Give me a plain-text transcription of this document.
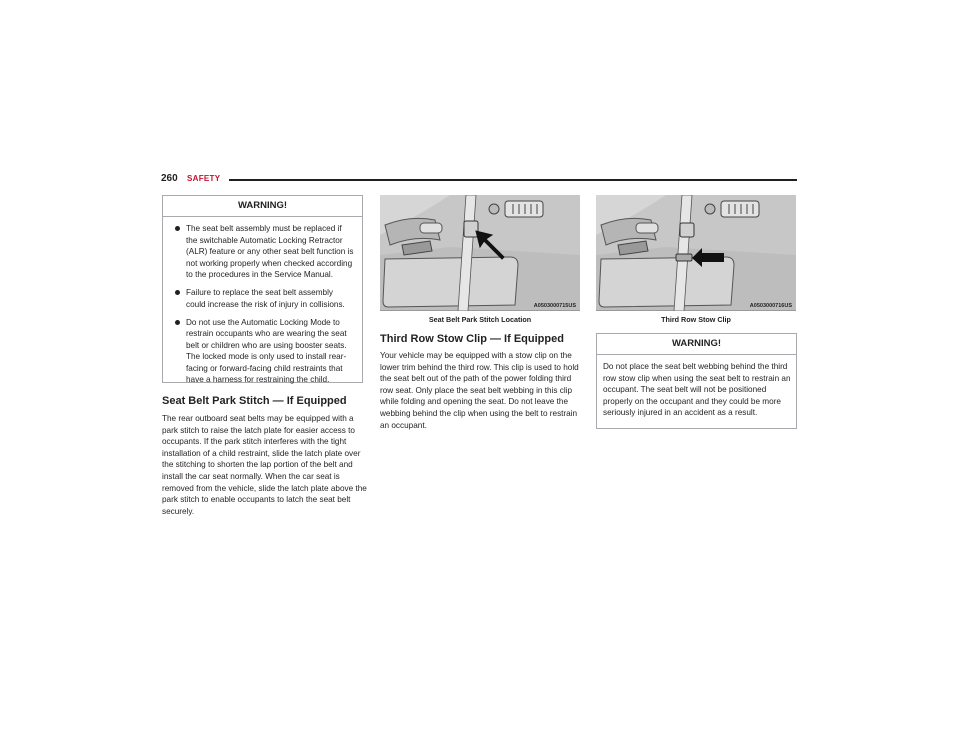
260 SAFETY
WARNING!
The seat belt assembly must be replaced if the switchable Automatic Locking Retractor (ALR) feature or any other seat belt function is not working properly when checked according to the procedures in the Service Manual.
Failure to replace the seat belt assembly could increase the risk of injury in collisions.
Do not use the Automatic Locking Mode to restrain occupants who are wearing the seat belt or children who are using booster seats. The locked mode is only used to install rear-facing or forward-facing child restraints that have a harness for restraining the child.
Seat Belt Park Stitch — If Equipped
The rear outboard seat belts may be equipped with a park stitch to raise the latch plate for easier access to occupants. If the park stitch interferes with the tight installation of a child restraint, slide the latch plate over the stitching to shorten the lap portion of the belt and install the car seat normally. When the car seat is removed from the vehicle, slide the latch plate above the park stitch to enable occupants to latch the seat belt securely.
A0503000715US
Seat Belt Park Stitch Location
Third Row Stow Clip — If Equipped
Your vehicle may be equipped with a stow clip on the lower trim behind the third row. This clip is used to hold the seat belt out of the path of the power folding third row seat. Only place the seat belt webbing in this clip while folding and opening the seat. Do not leave the webbing behind the clip when using the belt to restrain an occupant.
A0503000716US
Third Row Stow Clip
WARNING!
Do not place the seat belt webbing behind the third row stow clip when using the seat belt to restrain an occupant. The seat belt will not be positioned properly on the occupant and they could be more seriously injured in an accident as a result.
